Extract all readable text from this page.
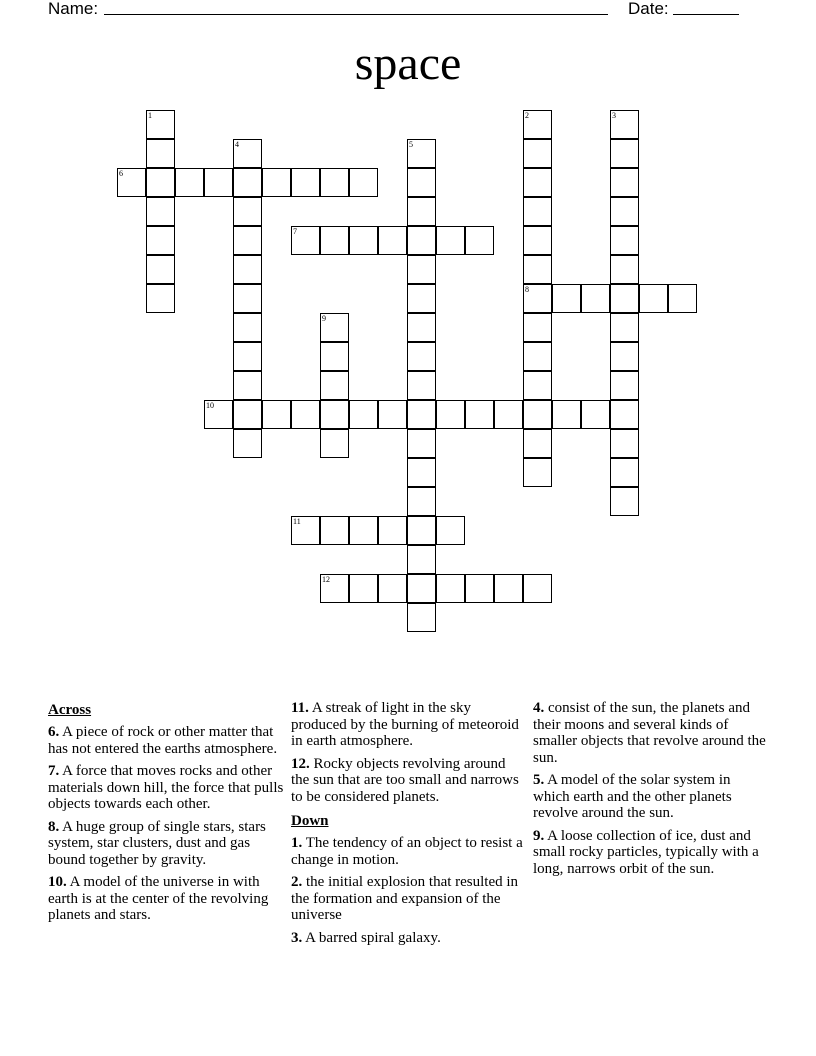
Name:	Date:
space
1	2
8
3
4	5
6
7
9
10
11
12
Across
6. A piece of rock or other matter that has not entered the earths atmosphere.
7. A force that moves rocks and other materials down hill, the force that pulls objects towards each other.
8. A huge group of single stars, stars system, star clusters, dust and gas bound together by gravity.
10. A model of the universe in with earth is at the center of the revolving planets and stars.
11. A streak of light in the sky produced by the burning of meteoroid in earth atmosphere.
12. Rocky objects revolving around the sun that are too small and narrows to be considered planets.
Down
1. The tendency of an object to resist a change in motion.
2. the initial explosion that resulted in the formation and expansion of the universe
3. A barred spiral galaxy.
4. consist of the sun, the planets and their moons and several kinds of smaller objects that revolve around the sun.
5. A model of the solar system in which earth and the other planets revolve around the sun.
9. A loose collection of ice, dust and small rocky particles, typically with a long, narrows orbit of the sun.
